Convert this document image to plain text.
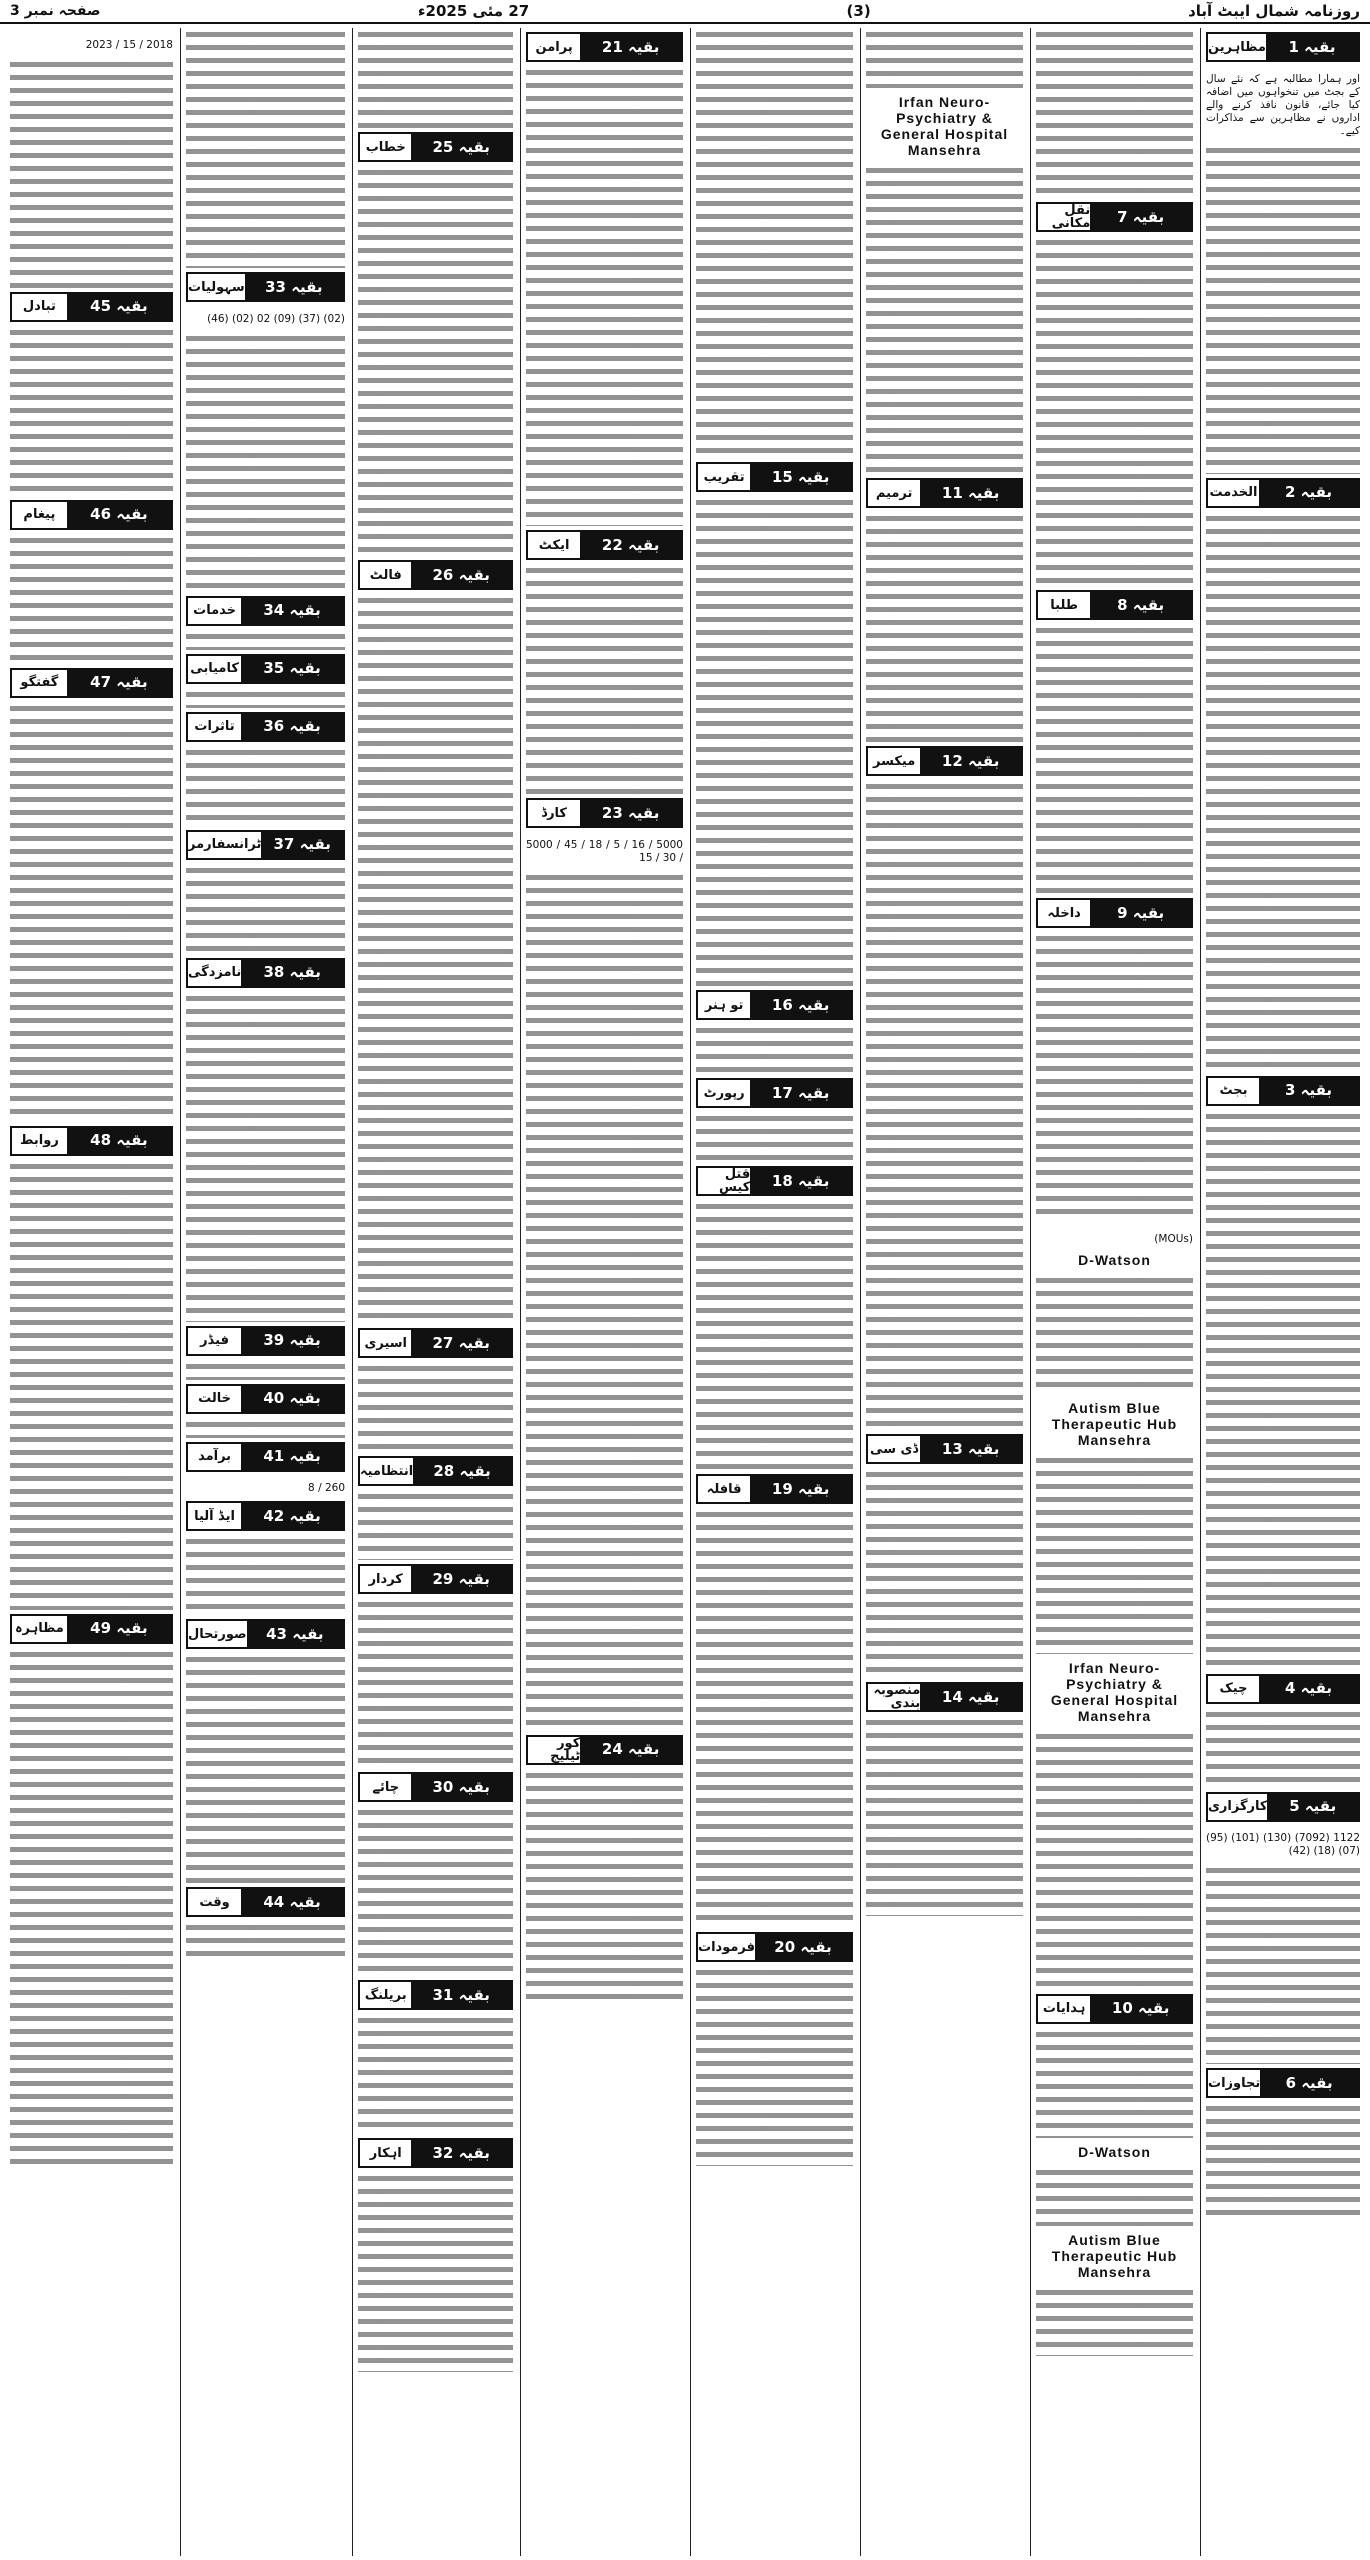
روزنامہ شمال ایبٹ آباد
(3)
27 مئی 2025ء
صفحہ نمبر 3
بقیہ 1
مظاہرین

اور ہمارا مطالبہ ہے کہ نئے سال کے بجٹ میں تنخواہوں میں اضافہ کیا جائے، قانون نافذ کرنے والے اداروں نے مظاہرین سے مذاکرات کیے۔

بقیہ 2
الخدمت
بقیہ 3
بجٹ
بقیہ 4
چیک
بقیہ 5
کارگزاری

1122 (7092) (130) (101) (95) (07) (18) (42)

بقیہ 6
تجاوزات
بقیہ 7
نقل مکانی
بقیہ 8
طلبا
بقیہ 9
داخلہ

(MOUs)

D-Watson
Autism Blue Therapeutic Hub Mansehra
Irfan Neuro-Psychiatry & General Hospital Mansehra
بقیہ 10
ہدایات
D-Watson
Autism Blue Therapeutic Hub Mansehra
Irfan Neuro-Psychiatry & General Hospital Mansehra
بقیہ 11
ترمیم
بقیہ 12
میکسر
بقیہ 13
ڈی سی
بقیہ 14
منصوبہ بندی
بقیہ 15
تقریب
بقیہ 16
تو ہنر
بقیہ 17
رپورٹ
بقیہ 18
قتل کیس
بقیہ 19
قافلہ
بقیہ 20
فرمودات
بقیہ 21
پرامن
بقیہ 22
ایکٹ
بقیہ 23
کارڈ

5000 / 16 / 5 / 18 / 45 / 5000 / 30 / 15

بقیہ 24
کور ٹیلیج
بقیہ 25
خطاب
بقیہ 26
فالٹ
بقیہ 27
اسیری
بقیہ 28
انتظامیہ
بقیہ 29
کردار
بقیہ 30
چائے
بقیہ 31
بریلنگ
بقیہ 32
اہکار
بقیہ 33
سہولیات

(02) (37) (09) 02 (02) (46)

بقیہ 34
خدمات
بقیہ 35
کامیابی
بقیہ 36
تاثرات
بقیہ 37
ٹرانسفارمر
بقیہ 38
نامزدگی
بقیہ 39
فیڈر
بقیہ 40
خالت
بقیہ 41
برآمد

260 / 8

بقیہ 42
ایڈ آلیا
بقیہ 43
صورتحال
بقیہ 44
وقت

2018 / 15 / 2023

بقیہ 45
تبادل
بقیہ 46
پیغام
بقیہ 47
گفتگو
بقیہ 48
روابط
بقیہ 49
مظاہرہ
